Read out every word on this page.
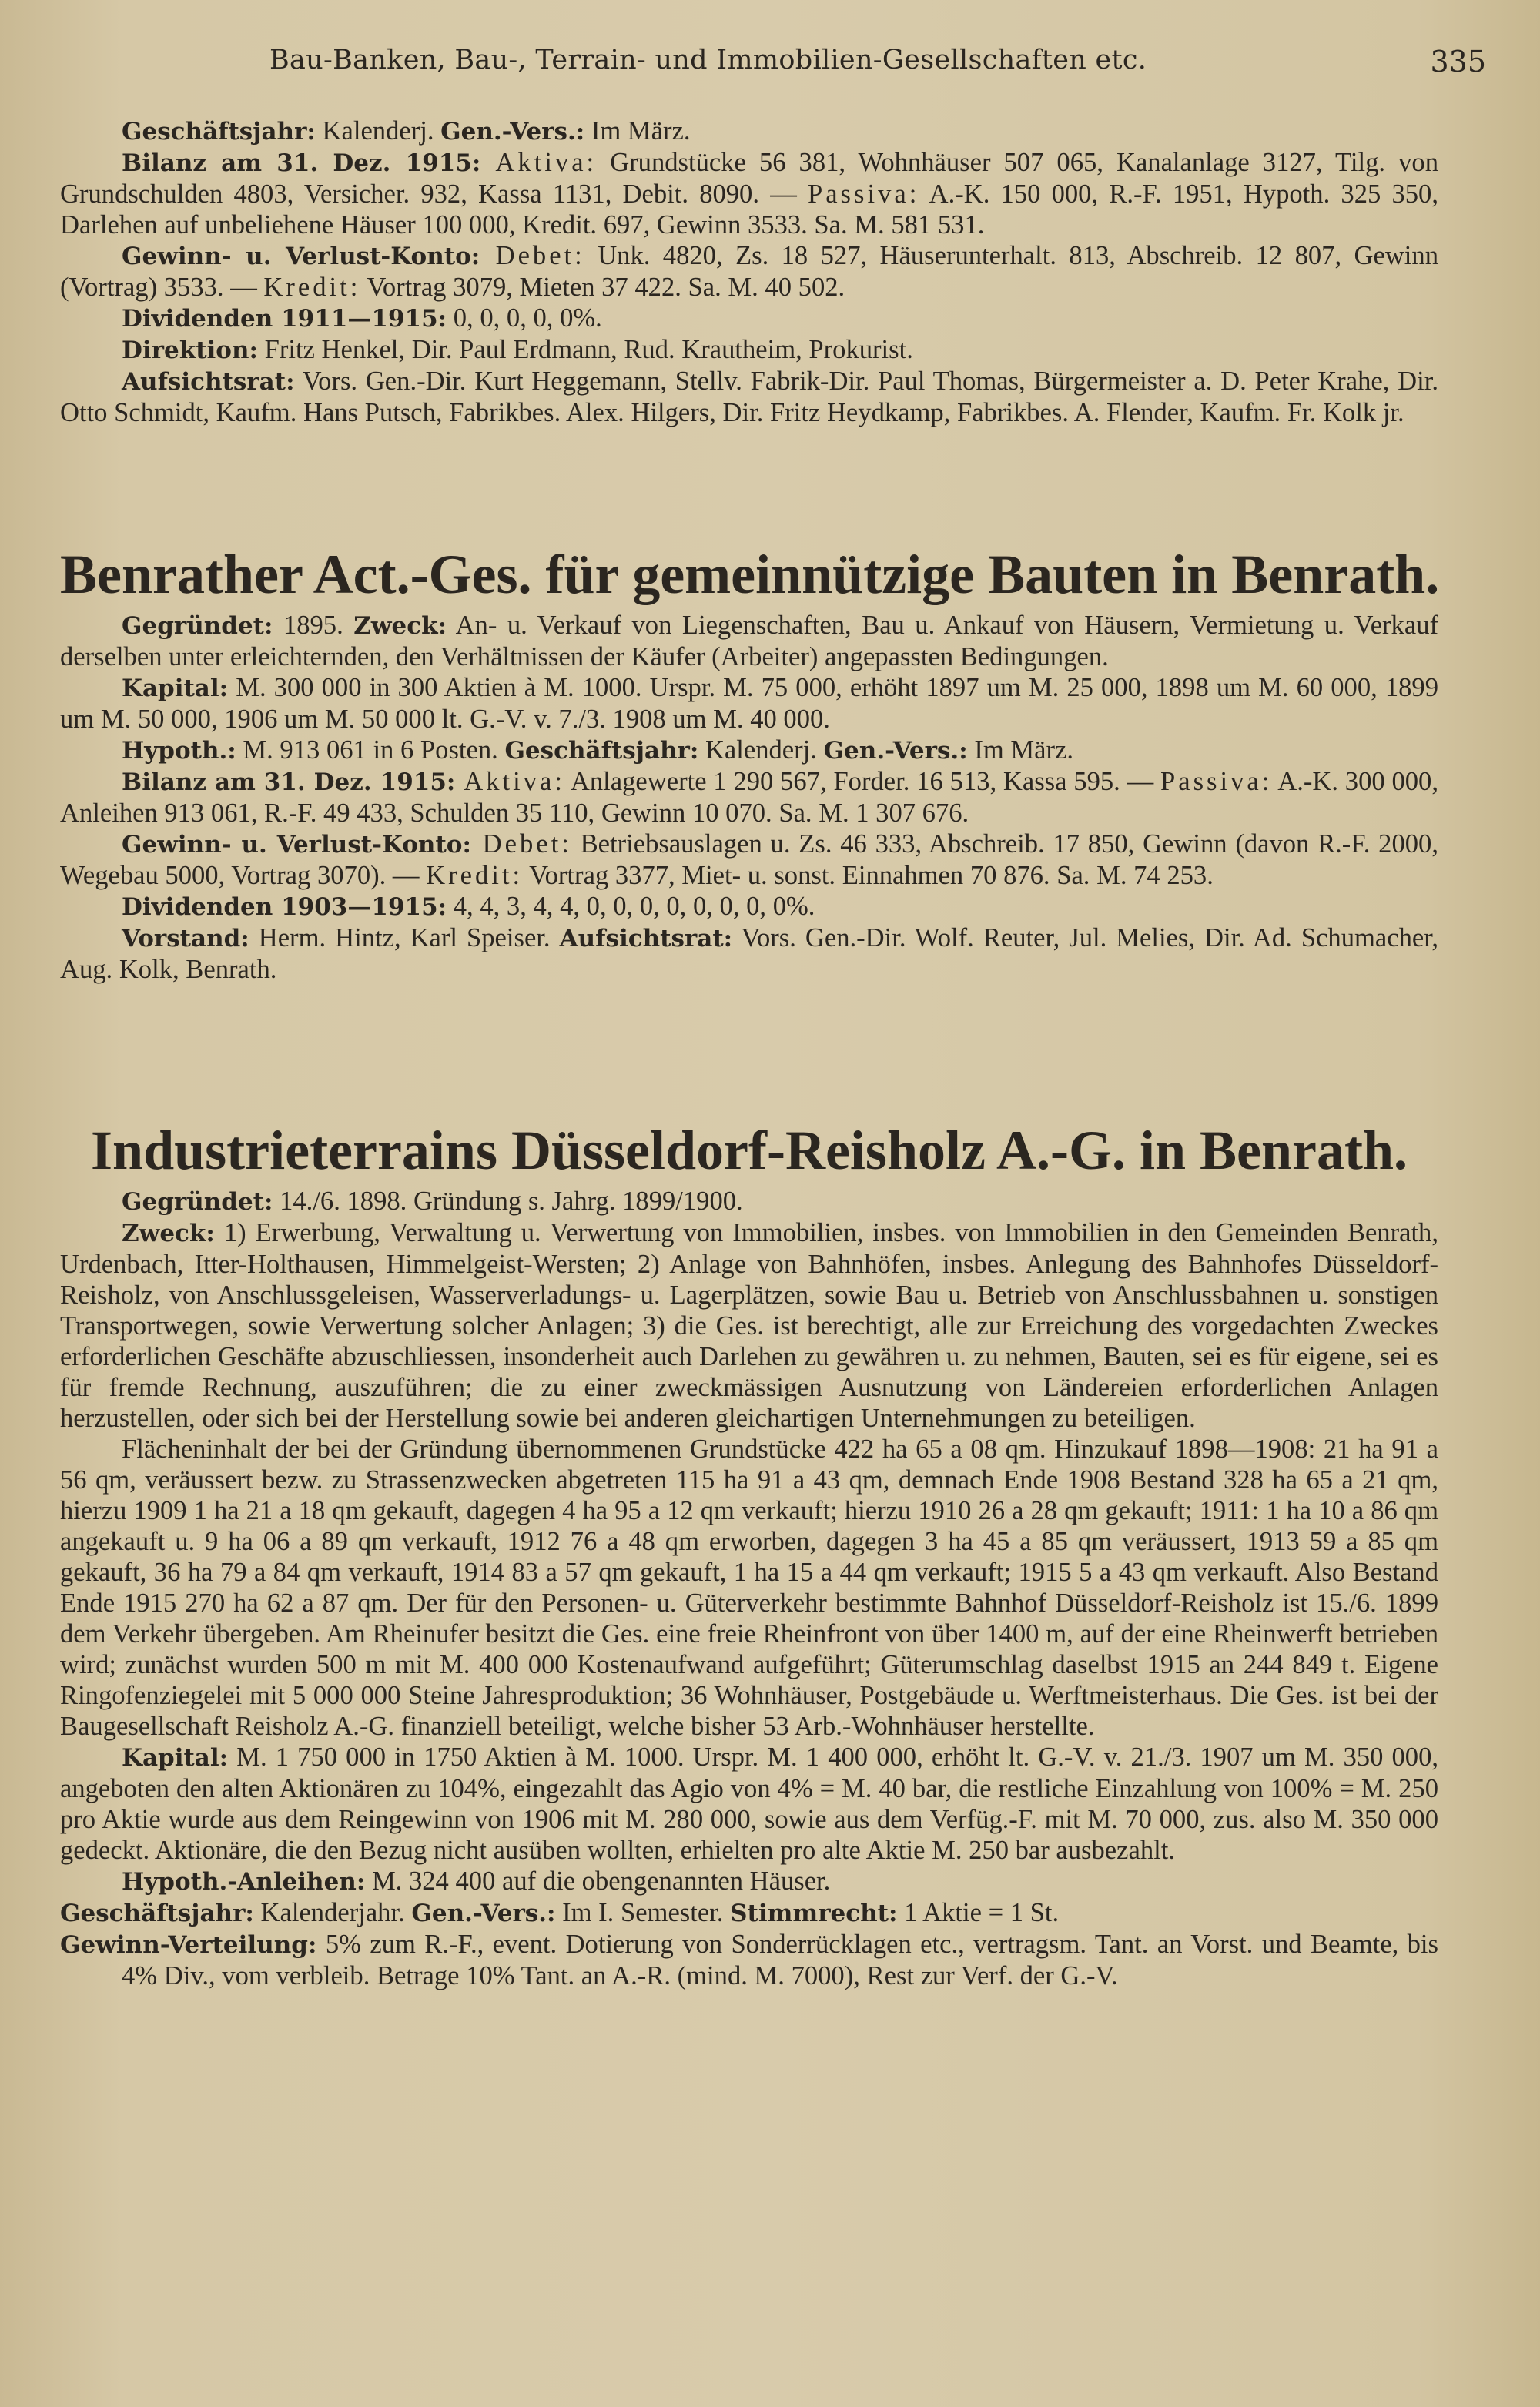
Bau-Banken, Bau-, Terrain- und Immobilien-Gesellschaften etc.	335

Geschäftsjahr: Kalenderj. Gen.-Vers.: Im März.

Bilanz am 31. Dez. 1915: Aktiva: Grundstücke 56 381, Wohnhäuser 507 065, Kanalanlage 3127, Tilg. von Grundschulden 4803, Versicher. 932, Kassa 1131, Debit. 8090. — Passiva: A.-K. 150 000, R.-F. 1951, Hypoth. 325 350, Darlehen auf unbeliehene Häuser 100 000, Kredit. 697, Gewinn 3533. Sa. M. 581 531.

Gewinn- u. Verlust-Konto: Debet: Unk. 4820, Zs. 18 527, Häuserunterhalt. 813, Abschreib. 12 807, Gewinn (Vortrag) 3533. — Kredit: Vortrag 3079, Mieten 37 422. Sa. M. 40 502.

Dividenden 1911—1915: 0, 0, 0, 0, 0%.

Direktion: Fritz Henkel, Dir. Paul Erdmann, Rud. Krautheim, Prokurist.

Aufsichtsrat: Vors. Gen.-Dir. Kurt Heggemann, Stellv. Fabrik-Dir. Paul Thomas, Bürgermeister a. D. Peter Krahe, Dir. Otto Schmidt, Kaufm. Hans Putsch, Fabrikbes. Alex. Hilgers, Dir. Fritz Heydkamp, Fabrikbes. A. Flender, Kaufm. Fr. Kolk jr.

Benrather Act.-Ges. für gemeinnützige Bauten in Benrath.

Gegründet: 1895. Zweck: An- u. Verkauf von Liegenschaften, Bau u. Ankauf von Häusern, Vermietung u. Verkauf derselben unter erleichternden, den Verhältnissen der Käufer (Arbeiter) angepassten Bedingungen.

Kapital: M. 300 000 in 300 Aktien à M. 1000. Urspr. M. 75 000, erhöht 1897 um M. 25 000, 1898 um M. 60 000, 1899 um M. 50 000, 1906 um M. 50 000 lt. G.-V. v. 7./3. 1908 um M. 40 000.

Hypoth.: M. 913 061 in 6 Posten. Geschäftsjahr: Kalenderj. Gen.-Vers.: Im März.

Bilanz am 31. Dez. 1915: Aktiva: Anlagewerte 1 290 567, Forder. 16 513, Kassa 595. — Passiva: A.-K. 300 000, Anleihen 913 061, R.-F. 49 433, Schulden 35 110, Gewinn 10 070. Sa. M. 1 307 676.

Gewinn- u. Verlust-Konto: Debet: Betriebsauslagen u. Zs. 46 333, Abschreib. 17 850, Gewinn (davon R.-F. 2000, Wegebau 5000, Vortrag 3070). — Kredit: Vortrag 3377, Miet- u. sonst. Einnahmen 70 876. Sa. M. 74 253.

Dividenden 1903—1915: 4, 4, 3, 4, 4, 0, 0, 0, 0, 0, 0, 0, 0%.

Vorstand: Herm. Hintz, Karl Speiser. Aufsichtsrat: Vors. Gen.-Dir. Wolf. Reuter, Jul. Melies, Dir. Ad. Schumacher, Aug. Kolk, Benrath.

Industrieterrains Düsseldorf-Reisholz A.-G. in Benrath.

Gegründet: 14./6. 1898. Gründung s. Jahrg. 1899/1900.

Zweck: 1) Erwerbung, Verwaltung u. Verwertung von Immobilien, insbes. von Immobilien in den Gemeinden Benrath, Urdenbach, Itter-Holthausen, Himmelgeist-Wersten; 2) Anlage von Bahnhöfen, insbes. Anlegung des Bahnhofes Düsseldorf-Reisholz, von Anschlussgeleisen, Wasserverladungs- u. Lagerplätzen, sowie Bau u. Betrieb von Anschlussbahnen u. sonstigen Transportwegen, sowie Verwertung solcher Anlagen; 3) die Ges. ist berechtigt, alle zur Erreichung des vorgedachten Zweckes erforderlichen Geschäfte abzuschliessen, insonderheit auch Darlehen zu gewähren u. zu nehmen, Bauten, sei es für eigene, sei es für fremde Rechnung, auszuführen; die zu einer zweckmässigen Ausnutzung von Ländereien erforderlichen Anlagen herzustellen, oder sich bei der Herstellung sowie bei anderen gleichartigen Unternehmungen zu beteiligen.

Flächeninhalt der bei der Gründung übernommenen Grundstücke 422 ha 65 a 08 qm. Hinzukauf 1898—1908: 21 ha 91 a 56 qm, veräussert bezw. zu Strassenzwecken abgetreten 115 ha 91 a 43 qm, demnach Ende 1908 Bestand 328 ha 65 a 21 qm, hierzu 1909 1 ha 21 a 18 qm gekauft, dagegen 4 ha 95 a 12 qm verkauft; hierzu 1910 26 a 28 qm gekauft; 1911: 1 ha 10 a 86 qm angekauft u. 9 ha 06 a 89 qm verkauft, 1912 76 a 48 qm erworben, dagegen 3 ha 45 a 85 qm veräussert, 1913 59 a 85 qm gekauft, 36 ha 79 a 84 qm verkauft, 1914 83 a 57 qm gekauft, 1 ha 15 a 44 qm verkauft; 1915 5 a 43 qm verkauft. Also Bestand Ende 1915 270 ha 62 a 87 qm. Der für den Personen- u. Güterverkehr bestimmte Bahnhof Düsseldorf-Reisholz ist 15./6. 1899 dem Verkehr übergeben. Am Rheinufer besitzt die Ges. eine freie Rheinfront von über 1400 m, auf der eine Rheinwerft betrieben wird; zunächst wurden 500 m mit M. 400 000 Kostenaufwand aufgeführt; Güterumschlag daselbst 1915 an 244 849 t. Eigene Ringofenziegelei mit 5 000 000 Steine Jahresproduktion; 36 Wohnhäuser, Postgebäude u. Werftmeisterhaus. Die Ges. ist bei der Baugesellschaft Reisholz A.-G. finanziell beteiligt, welche bisher 53 Arb.-Wohnhäuser herstellte.

Kapital: M. 1 750 000 in 1750 Aktien à M. 1000. Urspr. M. 1 400 000, erhöht lt. G.-V. v. 21./3. 1907 um M. 350 000, angeboten den alten Aktionären zu 104%, eingezahlt das Agio von 4% = M. 40 bar, die restliche Einzahlung von 100% = M. 250 pro Aktie wurde aus dem Reingewinn von 1906 mit M. 280 000, sowie aus dem Verfüg.-F. mit M. 70 000, zus. also M. 350 000 gedeckt. Aktionäre, die den Bezug nicht ausüben wollten, erhielten pro alte Aktie M. 250 bar ausbezahlt.

Hypoth.-Anleihen: M. 324 400 auf die obengenannten Häuser.

Geschäftsjahr: Kalenderjahr. Gen.-Vers.: Im I. Semester. Stimmrecht: 1 Aktie = 1 St.

Gewinn-Verteilung: 5% zum R.-F., event. Dotierung von Sonderrücklagen etc., vertragsm. Tant. an Vorst. und Beamte, bis 4% Div., vom verbleib. Betrage 10% Tant. an A.-R. (mind. M. 7000), Rest zur Verf. der G.-V.
